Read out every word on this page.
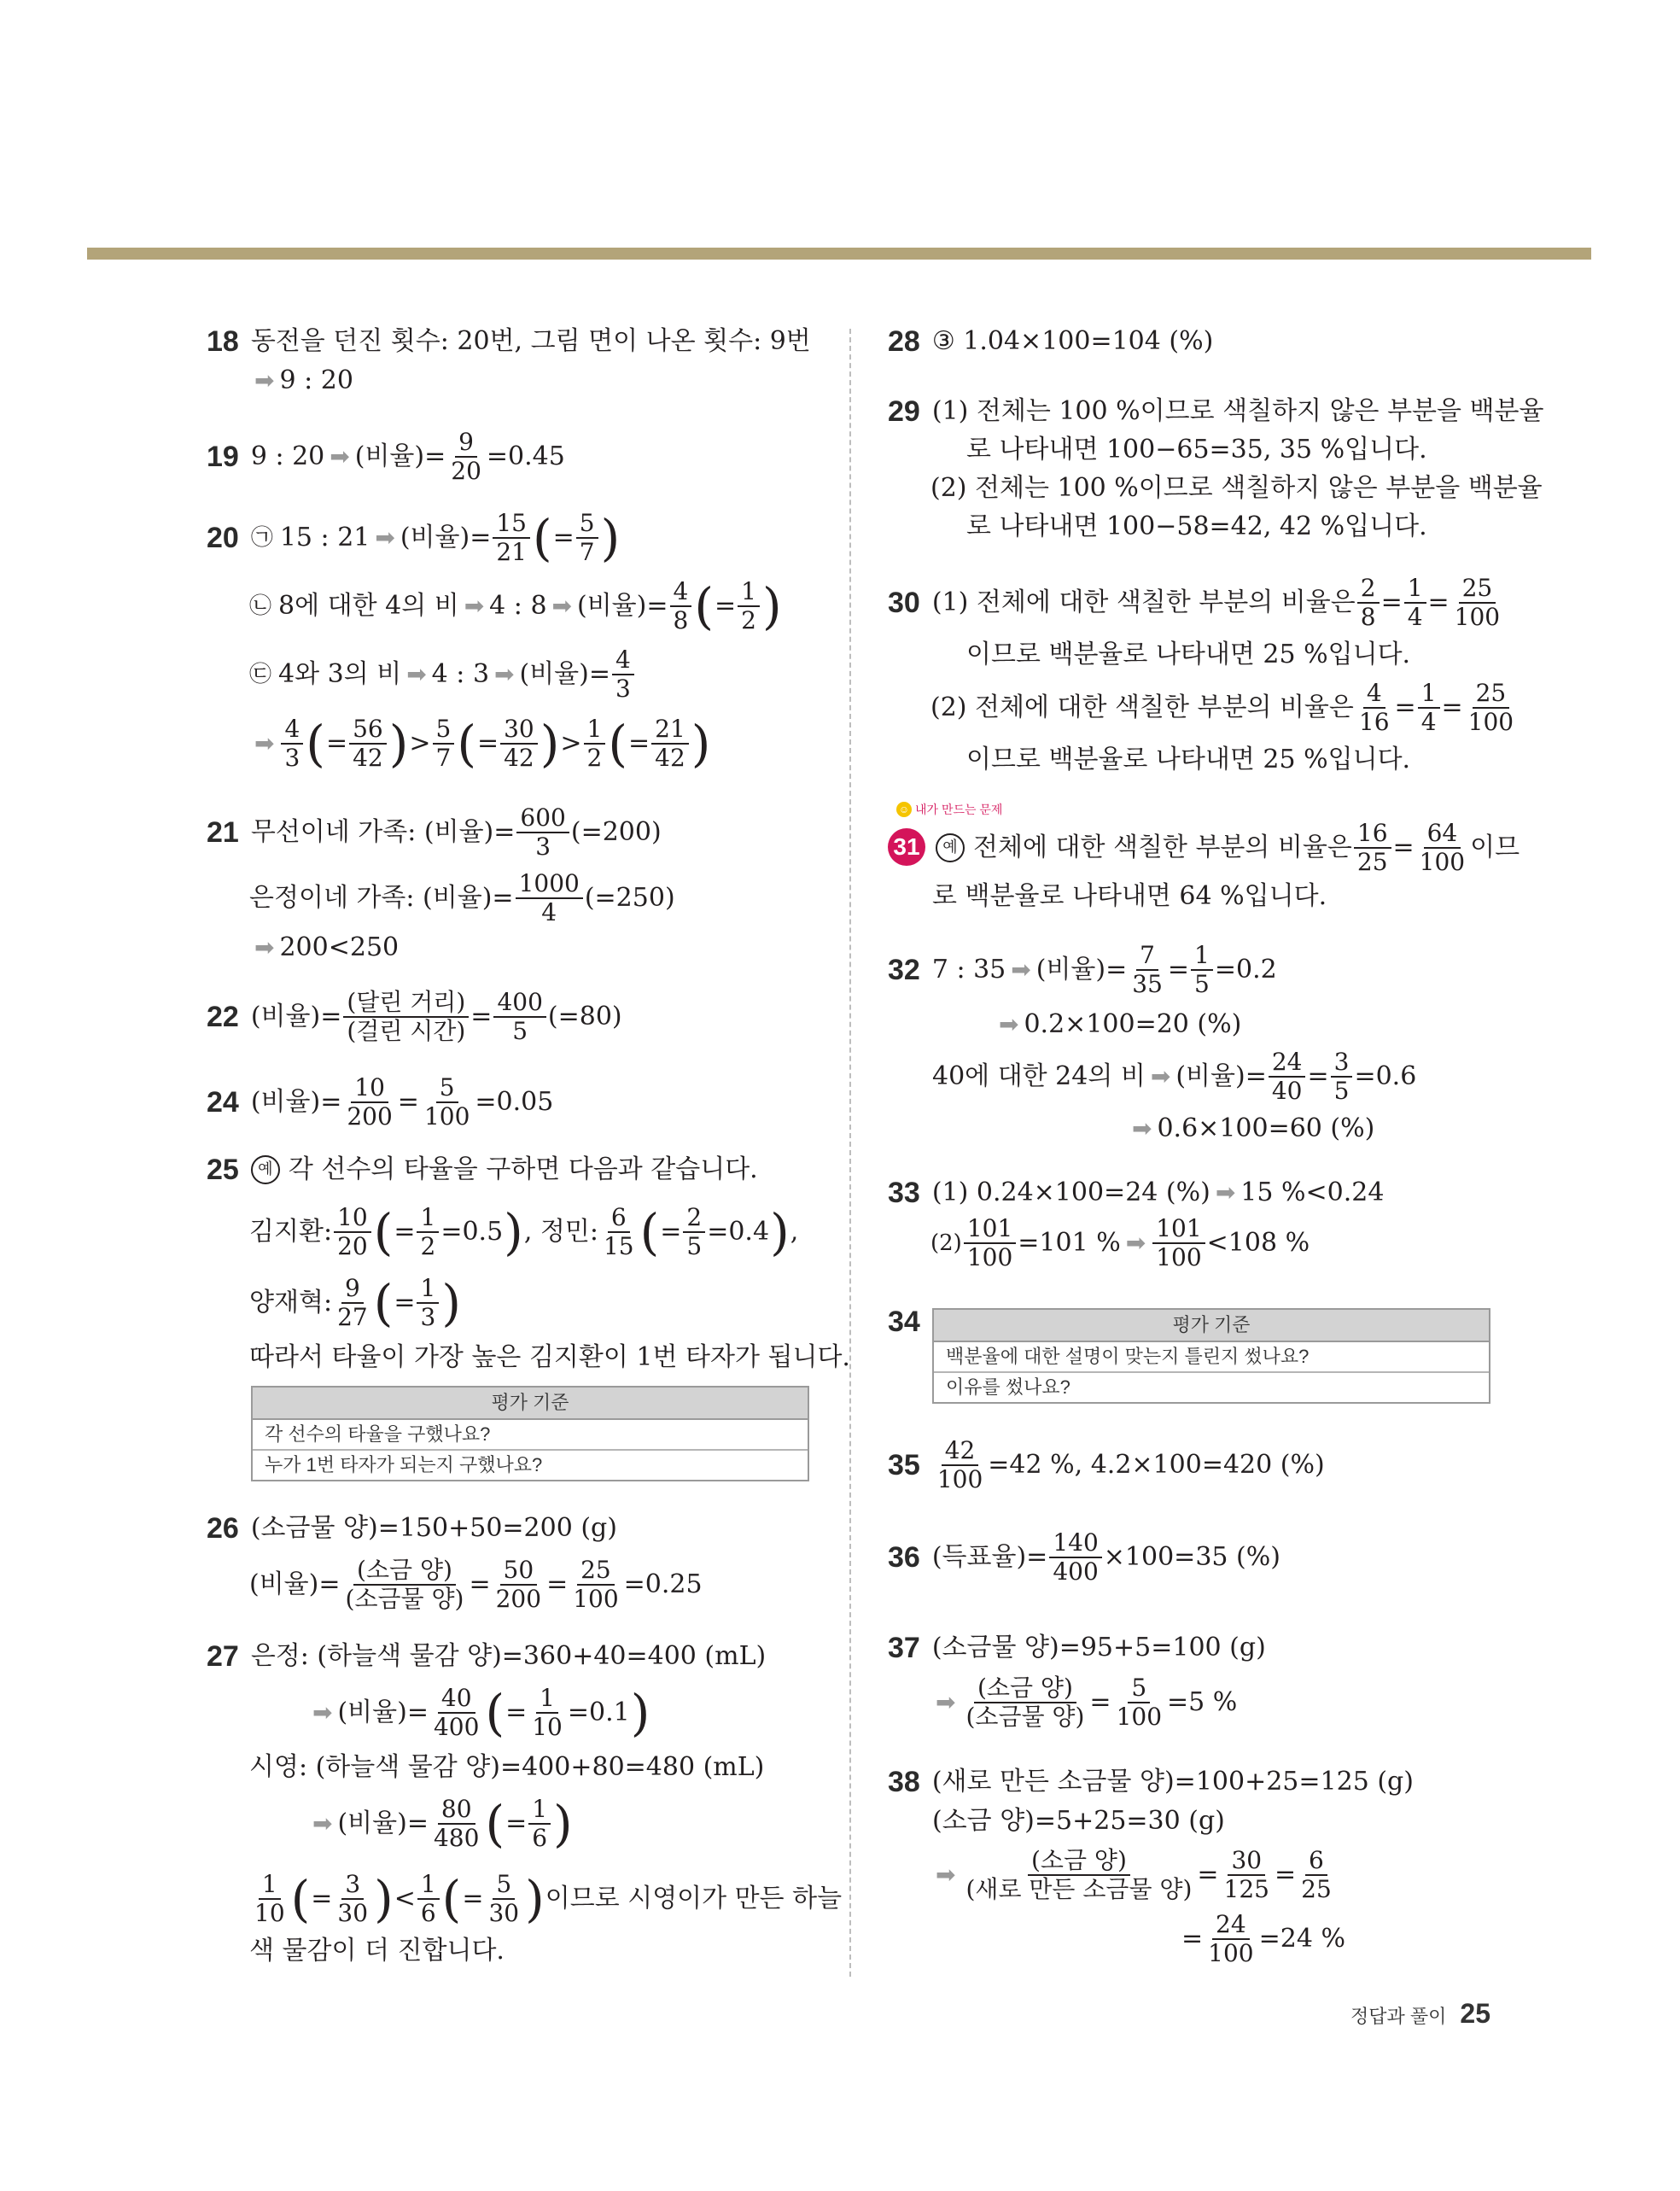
18 동전을 던진 횟수: 20번, 그림 면이 나온 횟수: 9번
➡ 9 : 20
19 9 : 20 ➡ (비율)= $\frac{9}{20} =0.45$
20 ㉠ 15 : 21 ➡ (비율)= $\frac{15}{21}$ ( = $\frac{5}{7}$ )
㉡ 8에 대한 4의 비 ➡ 4 : 8 ➡ (비율)= $\frac{4}{8}$ ( = $\frac{1}{2}$ )
㉢ 4와 3의 비 ➡ 4 : 3 ➡ (비율)= $\frac{4}{3}$
➡ $\frac{4}{3}$ ( = $\frac{56}{42}$ ) > $\frac{5}{7}$ ( = $\frac{30}{42}$ ) > $\frac{1}{2}$ ( = $\frac{21}{42}$ )
21 무선이네 가족: (비율)= $\frac{600}{3} (=200)$
은정이네 가족: (비율)= $\frac{1000}{4} (=250)$
➡ 200<250
22 (비율)= $\frac{\text{(달린 거리)}}{\text{(걸린 시간)}} = \frac{400}{5} (=80)$
24 (비율)= $\frac{10}{200} = \frac{5}{100} =0.05$
25	예 각 선수의 타율을 구하면 다음과 같습니다.
김지환: $\frac{10}{20}$ ( = $\frac{1}{2} =0.5$ ) , 정민: $\frac{6}{15}$ ( = $\frac{2}{5} =0.4$ ) ,
양재혁: $\frac{9}{27}$ ( = $\frac{1}{3}$ )
따라서 타율이 가장 높은 김지환이 1번 타자가 됩니다.
평가 기준
각 선수의 타율을 구했나요?
누가 1번 타자가 되는지 구했나요?
26 (소금물 양)=150+50=200 (g)
(비율)= $\frac{\text{(소금 양)}}{\text{(소금물 양)}} = \frac{50}{200} = \frac{25}{100} =0.25$
27 은정: (하늘색 물감 양)=360+40=400 (mL)
➡ (비율)= $\frac{40}{400}$ ( = $\frac{1}{10} =0.1$ )
시영: (하늘색 물감 양)=400+80=480 (mL)
➡ (비율)= $\frac{80}{480}$ ( = $\frac{1}{6}$ )
$\frac{1}{10}$ ( = $\frac{3}{30}$ ) < $\frac{1}{6}$ ( = $\frac{5}{30}$ ) 이므로 시영이가 만든 하늘
색 물감이 더 진합니다.
28 ③ 1.04×100=104 (%)
29 (1) 전체는 100 %이므로 색칠하지 않은 부분을 백분율
로 나타내면 100−65=35, 35 %입니다.
(2) 전체는 100 %이므로 색칠하지 않은 부분을 백분율
로 나타내면 100−58=42, 42 %입니다.
30 (1) 전체에 대한 색칠한 부분의 비율은 $\frac{2}{8} = \frac{1}{4} = \frac{25}{100}$
이므로 백분율로 나타내면 25 %입니다.
(2) 전체에 대한 색칠한 부분의 비율은 $\frac{4}{16} = \frac{1}{4} = \frac{25}{100}$
이므로 백분율로 나타내면 25 %입니다.
☺ 내가 만드는 문제
31	예 전체에 대한 색칠한 부분의 비율은 $\frac{16}{25} = \frac{64}{100}$ 이므
로 백분율로 나타내면 64 %입니다.
32 7 : 35 ➡ (비율)= $\frac{7}{35} = \frac{1}{5} =0.2$
➡ 0.2×100=20 (%)
40에 대한 24의 비 ➡ (비율)= $\frac{24}{40} = \frac{3}{5} =0.6$
➡ 0.6×100=60 (%)
33 (1) 0.24×100=24 (%) ➡ 15 %<0.24
$(2) \frac{101}{100} =101$ % ➡ $\frac{101}{100} <108$ %
34	평가 기준
백분율에 대한 설명이 맞는지 틀린지 썼나요?
이유를 썼나요?
$35 \frac{42}{100} =42$ %, 4.2×100=420 (%)
36 (득표율)= $\frac{140}{400} \times 100=35$ (%)
37 (소금물 양)=95+5=100 (g)
➡ $\frac{\text{(소금 양)}}{\text{(소금물 양)}} = \frac{5}{100} =5$ %
38 (새로 만든 소금물 양)=100+25=125 (g)
(소금 양)=5+25=30 (g)
➡ $\frac{\text{(소금 양)}}{\text{(새로 만든 소금물 양)}} = \frac{30}{125} = \frac{6}{25}$
= $\frac{24}{100} =24$ %
정답과 풀이 25
